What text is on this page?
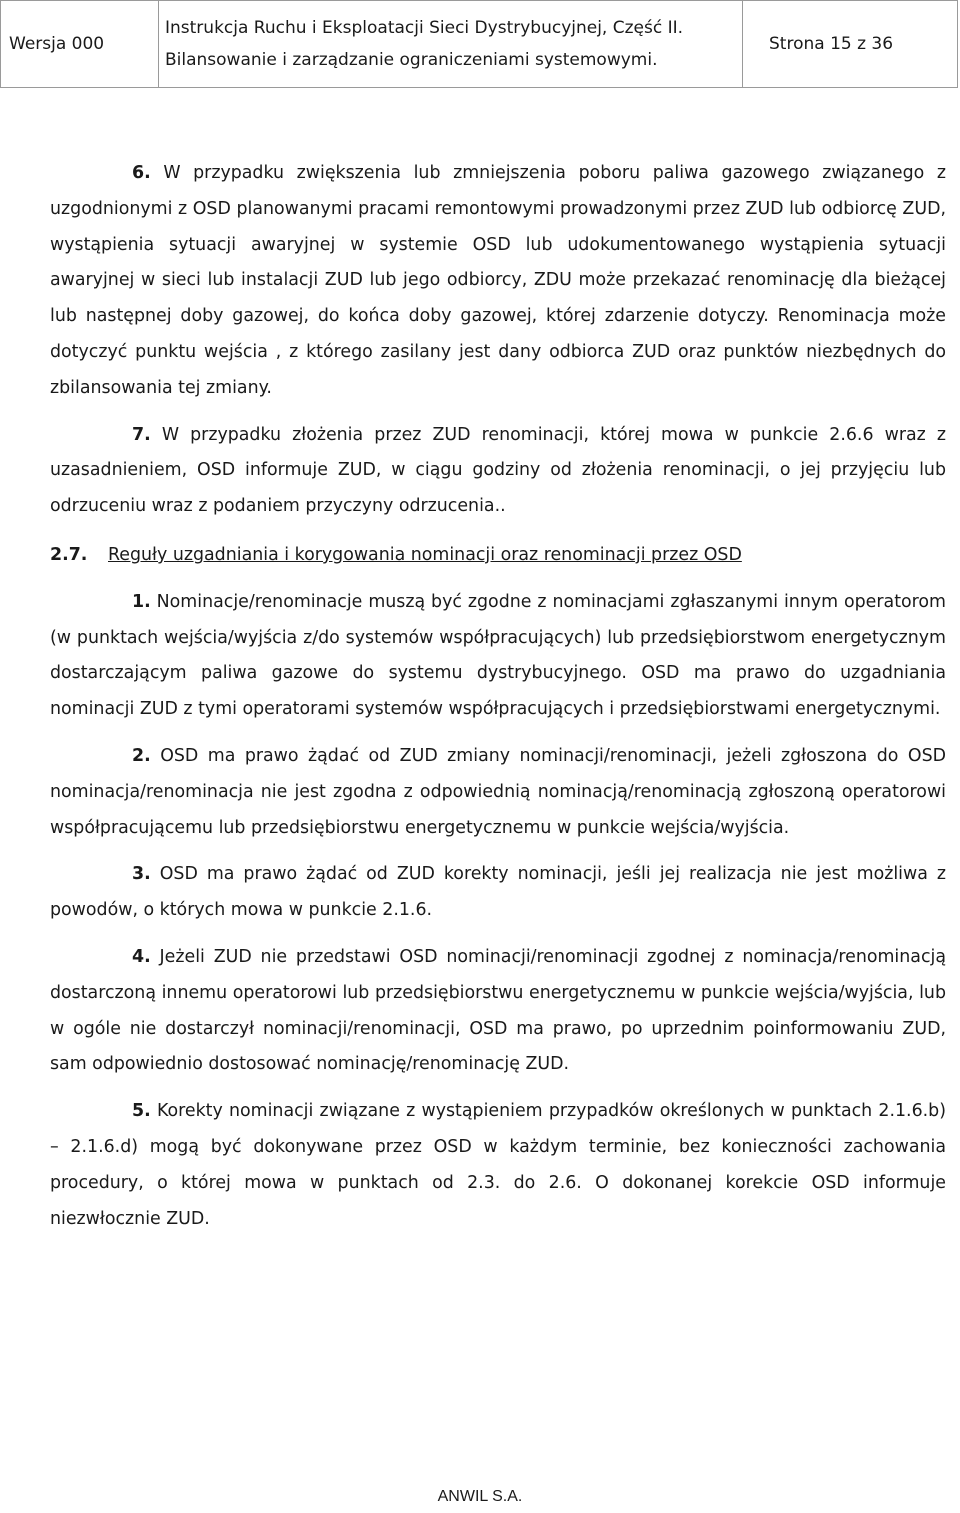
Wersja 000
Instrukcja Ruchu i Eksploatacji Sieci Dystrybucyjnej, Część II.
Bilansowanie i zarządzanie ograniczeniami systemowymi.
Strona 15 z 36

6. W przypadku zwiększenia lub zmniejszenia poboru paliwa gazowego związanego z uzgodnionymi z OSD planowanymi pracami remontowymi prowadzonymi przez ZUD lub odbiorcę ZUD, wystąpienia sytuacji awaryjnej w systemie OSD lub udokumentowanego wystąpienia sytuacji awaryjnej w sieci lub instalacji ZUD lub jego odbiorcy, ZDU może przekazać renominację dla bieżącej lub następnej doby gazowej, do końca doby gazowej, której zdarzenie dotyczy. Renominacja może dotyczyć punktu wejścia , z którego zasilany jest dany odbiorca ZUD oraz punktów niezbędnych do zbilansowania tej zmiany.

7. W przypadku złożenia przez ZUD renominacji, której mowa w punkcie 2.6.6 wraz z uzasadnieniem, OSD informuje ZUD, w ciągu godziny od złożenia renominacji, o jej przyjęciu lub odrzuceniu wraz z podaniem przyczyny odrzucenia..

2.7. Reguły uzgadniania i korygowania nominacji oraz renominacji przez OSD

1. Nominacje/renominacje muszą być zgodne z nominacjami zgłaszanymi innym operatorom (w punktach wejścia/wyjścia z/do systemów współpracujących) lub przedsiębiorstwom energetycznym dostarczającym paliwa gazowe do systemu dystrybucyjnego. OSD ma prawo do uzgadniania nominacji ZUD z tymi operatorami systemów współpracujących i przedsiębiorstwami energetycznymi.

2. OSD ma prawo żądać od ZUD zmiany nominacji/renominacji, jeżeli zgłoszona do OSD nominacja/renominacja nie jest zgodna z odpowiednią nominacją/renominacją zgłoszoną operatorowi współpracującemu lub przedsiębiorstwu energetycznemu w punkcie wejścia/wyjścia.

3. OSD ma prawo żądać od ZUD korekty nominacji, jeśli jej realizacja nie jest możliwa z powodów, o których mowa w punkcie 2.1.6.

4. Jeżeli ZUD nie przedstawi OSD nominacji/renominacji zgodnej z nominacja/renominacją dostarczoną innemu operatorowi lub przedsiębiorstwu energetycznemu w punkcie wejścia/wyjścia, lub w ogóle nie dostarczył nominacji/renominacji, OSD ma prawo, po uprzednim poinformowaniu ZUD, sam odpowiednio dostosować nominację/renominację ZUD.

5. Korekty nominacji związane z wystąpieniem przypadków określonych w punktach 2.1.6.b) – 2.1.6.d) mogą być dokonywane przez OSD w każdym terminie, bez konieczności zachowania procedury, o której mowa w punktach od 2.3. do 2.6. O dokonanej korekcie OSD informuje niezwłocznie ZUD.

ANWIL S.A.
